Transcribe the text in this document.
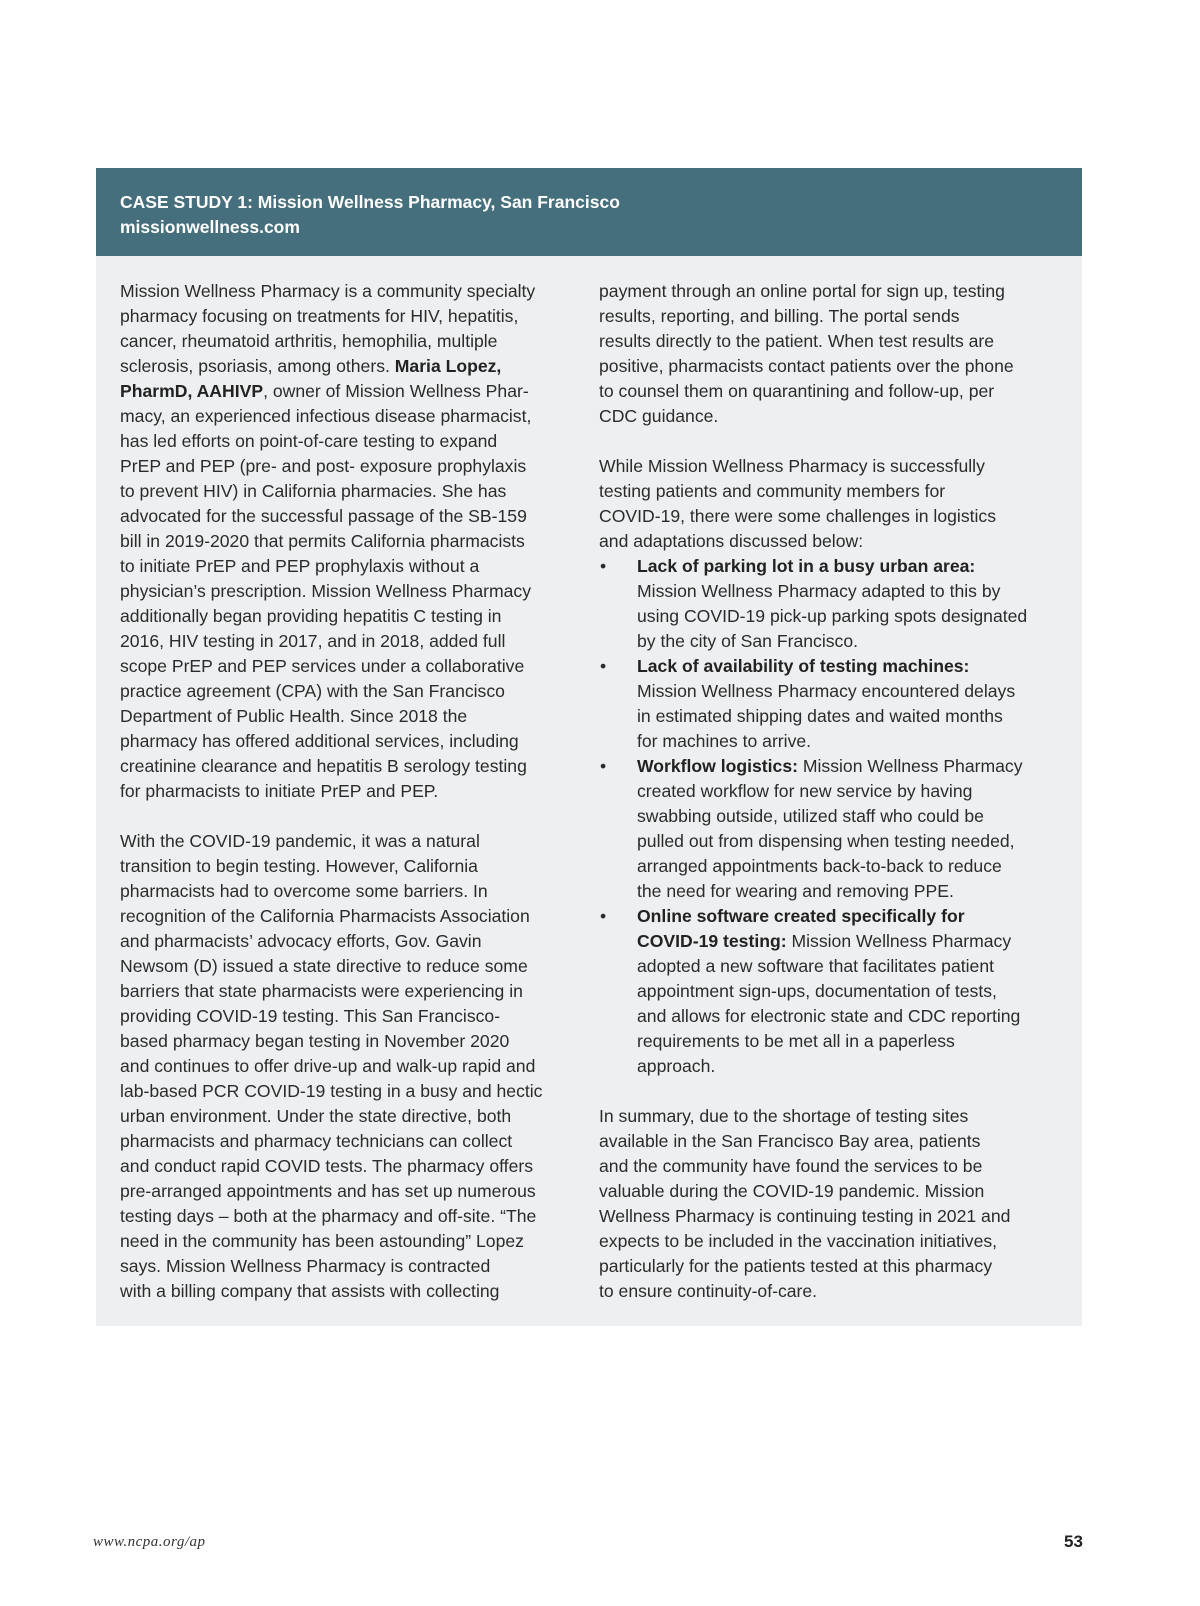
CASE STUDY 1: Mission Wellness Pharmacy, San Francisco
missionwellness.com
Mission Wellness Pharmacy is a community specialty
pharmacy focusing on treatments for HIV, hepatitis,
cancer, rheumatoid arthritis, hemophilia, multiple
sclerosis, psoriasis, among others. Maria Lopez,
PharmD, AAHIVP, owner of Mission Wellness Phar-
macy, an experienced infectious disease pharmacist,
has led efforts on point-of-care testing to expand
PrEP and PEP (pre- and post- exposure prophylaxis
to prevent HIV) in California pharmacies. She has
advocated for the successful passage of the SB-159
bill in 2019-2020 that permits California pharmacists
to initiate PrEP and PEP prophylaxis without a
physician’s prescription. Mission Wellness Pharmacy
additionally began providing hepatitis C testing in
2016, HIV testing in 2017, and in 2018, added full
scope PrEP and PEP services under a collaborative
practice agreement (CPA) with the San Francisco
Department of Public Health. Since 2018 the
pharmacy has offered additional services, including
creatinine clearance and hepatitis B serology testing
for pharmacists to initiate PrEP and PEP.
With the COVID-19 pandemic, it was a natural
transition to begin testing. However, California
pharmacists had to overcome some barriers. In
recognition of the California Pharmacists Association
and pharmacists’ advocacy efforts, Gov. Gavin
Newsom (D) issued a state directive to reduce some
barriers that state pharmacists were experiencing in
providing COVID-19 testing. This San Francisco-
based pharmacy began testing in November 2020
and continues to offer drive-up and walk-up rapid and
lab-based PCR COVID-19 testing in a busy and hectic
urban environment. Under the state directive, both
pharmacists and pharmacy technicians can collect
and conduct rapid COVID tests. The pharmacy offers
pre-arranged appointments and has set up numerous
testing days – both at the pharmacy and off-site. “The
need in the community has been astounding” Lopez
says. Mission Wellness Pharmacy is contracted
with a billing company that assists with collecting
payment through an online portal for sign up, testing
results, reporting, and billing. The portal sends
results directly to the patient. When test results are
positive, pharmacists contact patients over the phone
to counsel them on quarantining and follow-up, per
CDC guidance.
While Mission Wellness Pharmacy is successfully
testing patients and community members for
COVID-19, there were some challenges in logistics
and adaptations discussed below:
•	Lack of parking lot in a busy urban area:
Mission Wellness Pharmacy adapted to this by
using COVID-19 pick-up parking spots designated
by the city of San Francisco.
•	Lack of availability of testing machines:
Mission Wellness Pharmacy encountered delays
in estimated shipping dates and waited months
for machines to arrive.
•	Workflow logistics: Mission Wellness Pharmacy
created workflow for new service by having
swabbing outside, utilized staff who could be
pulled out from dispensing when testing needed,
arranged appointments back-to-back to reduce
the need for wearing and removing PPE.
•	Online software created specifically for
COVID-19 testing: Mission Wellness Pharmacy
adopted a new software that facilitates patient
appointment sign-ups, documentation of tests,
and allows for electronic state and CDC reporting
requirements to be met all in a paperless
approach.
In summary, due to the shortage of testing sites
available in the San Francisco Bay area, patients
and the community have found the services to be
valuable during the COVID-19 pandemic. Mission
Wellness Pharmacy is continuing testing in 2021 and
expects to be included in the vaccination initiatives,
particularly for the patients tested at this pharmacy
to ensure continuity-of-care.
www.ncpa.org/ap	53
